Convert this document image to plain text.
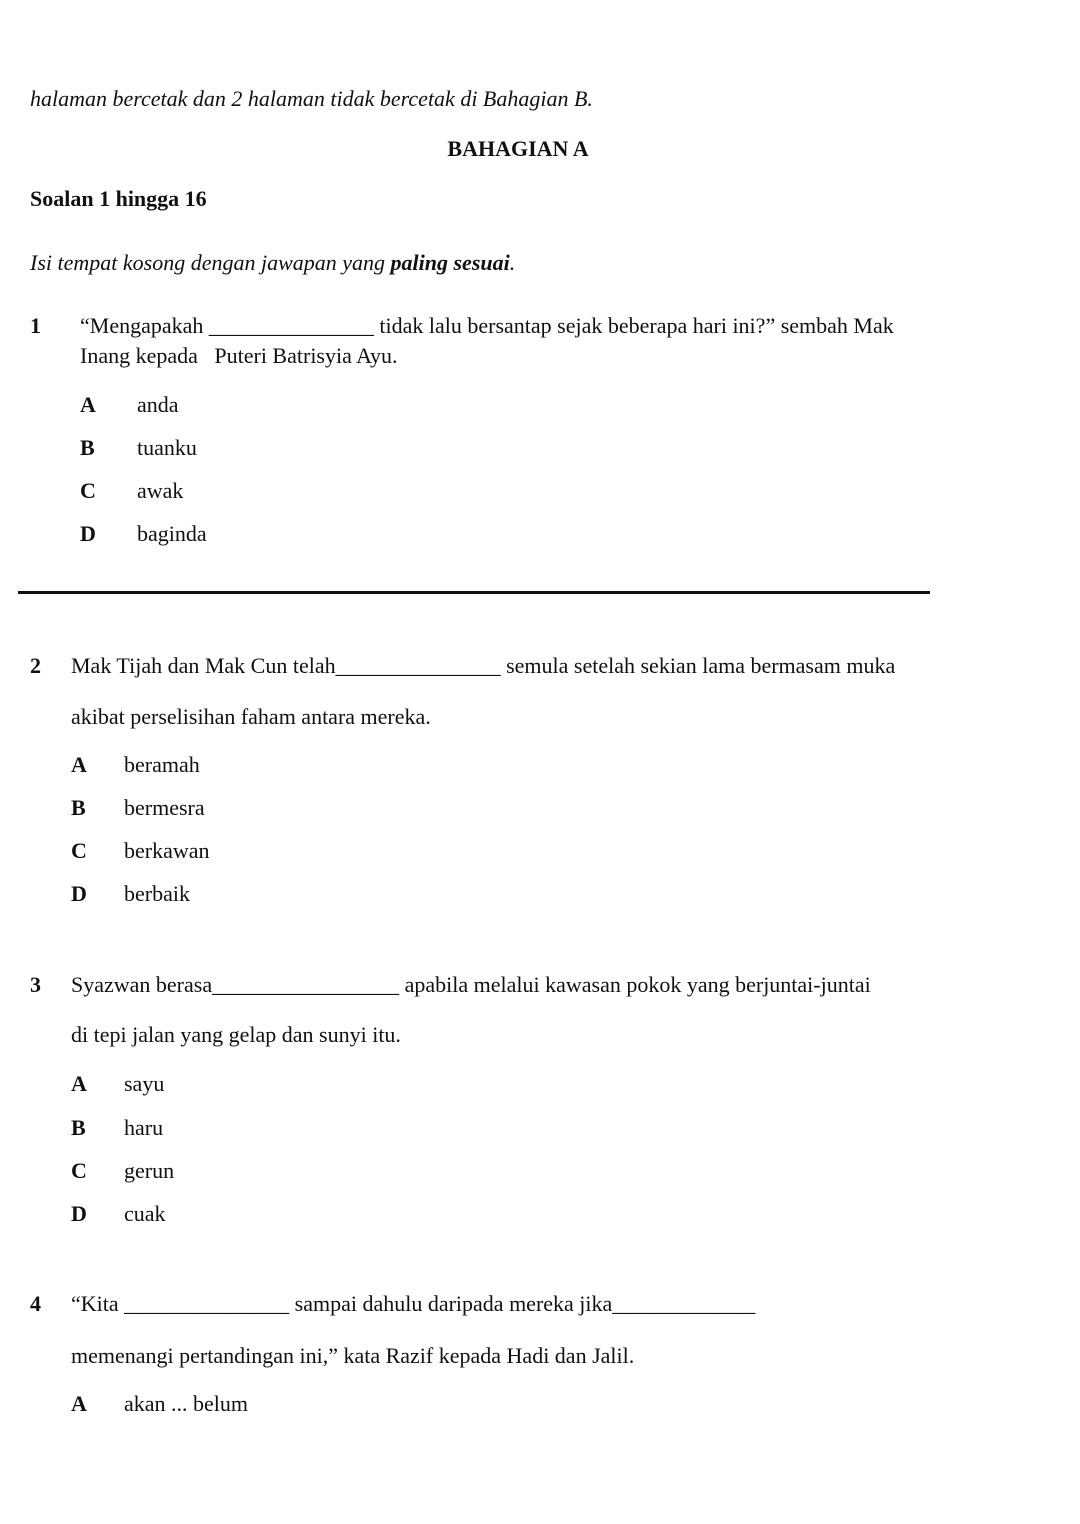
halaman bercetak dan 2 halaman tidak bercetak di Bahagian B.
BAHAGIAN A
Soalan 1 hingga 16
Isi tempat kosong dengan jawapan yang paling sesuai.
1 “Mengapakah _______________ tidak lalu bersantap sejak beberapa hari ini?” sembah Mak
Inang kepada   Puteri Batrisyia Ayu.
A anda
B tuanku
C awak
D baginda
2 Mak Tijah dan Mak Cun telah_______________ semula setelah sekian lama bermasam muka
akibat perselisihan faham antara mereka.
A beramah
B bermesra
C berkawan
D berbaik
3 Syazwan berasa_________________ apabila melalui kawasan pokok yang berjuntai-juntai
di tepi jalan yang gelap dan sunyi itu.
A sayu
B haru
C gerun
D cuak
4 “Kita _______________ sampai dahulu daripada mereka jika_____________
memenangi pertandingan ini,” kata Razif kepada Hadi dan Jalil.
A akan ... belum
